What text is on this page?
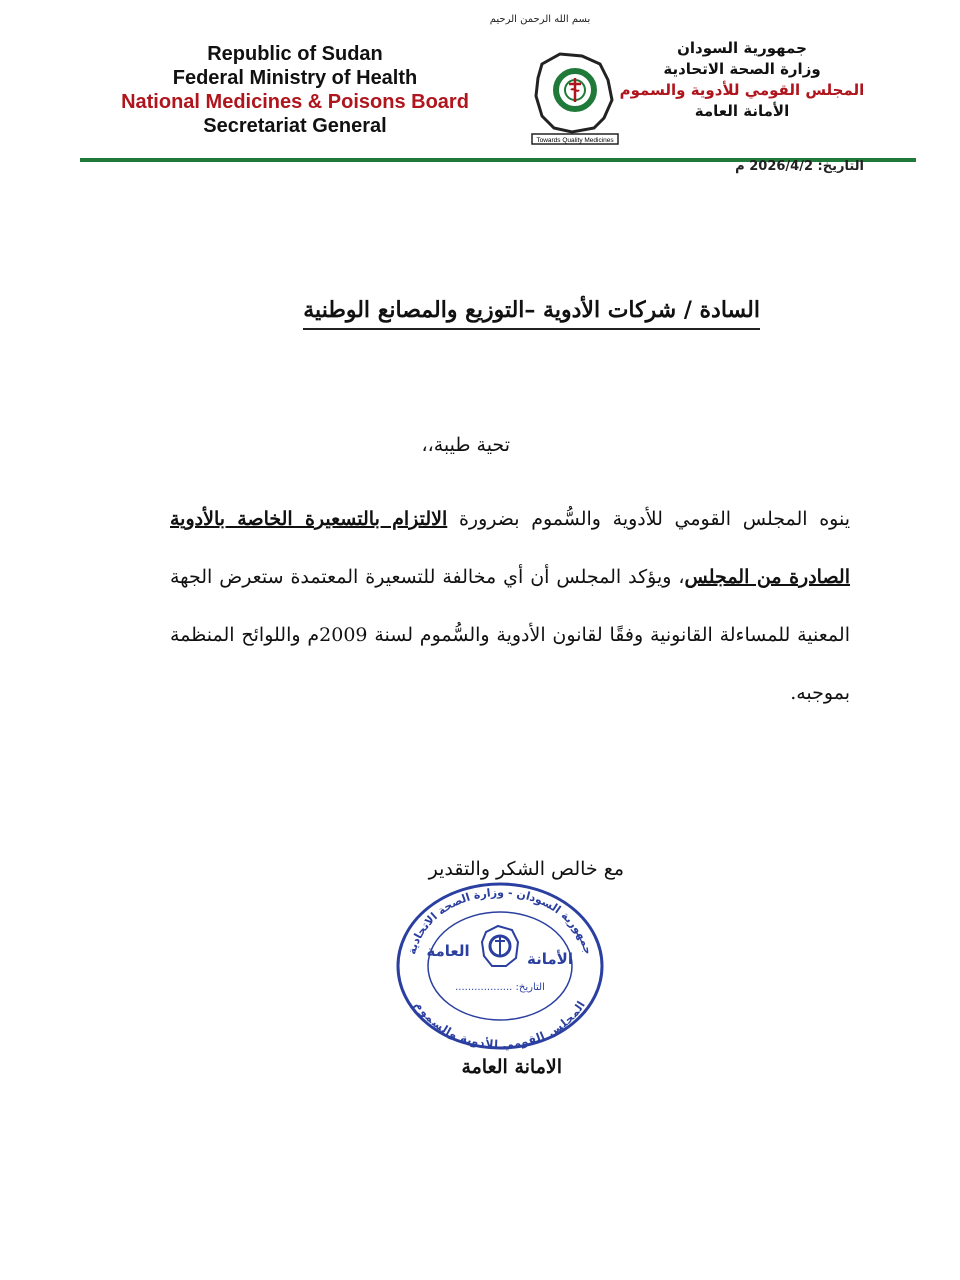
بسم الله الرحمن الرحيم
Republic of Sudan
Federal Ministry of Health
National Medicines & Poisons Board
Secretariat General
Towards Quality Medicines
جمهورية السودان
وزارة الصحة الاتحادية
المجلس القومي للأدوية والسموم
الأمانة العامة
التاريخ: 2026/4/2 م
السادة / شركات الأدوية –التوزيع والمصانع الوطنية
تحية طيبة،،
ينوه المجلس القومي للأدوية والسُّموم بضرورة الالتزام بالتسعيرة الخاصة بالأدوية الصادرة من المجلس، ويؤكد المجلس أن أي مخالفة للتسعيرة المعتمدة ستعرض الجهة المعنية للمساءلة القانونية وفقًا لقانون الأدوية والسُّموم لسنة 2009م واللوائح المنظمة بموجبه.
مع خالص الشكر والتقدير
جمهورية السودان - وزارة الصحة الاتحادية
المجلس القومي للأدوية والسموم
الأمانة
العامة
التاريخ: ..................
الامانة العامة
